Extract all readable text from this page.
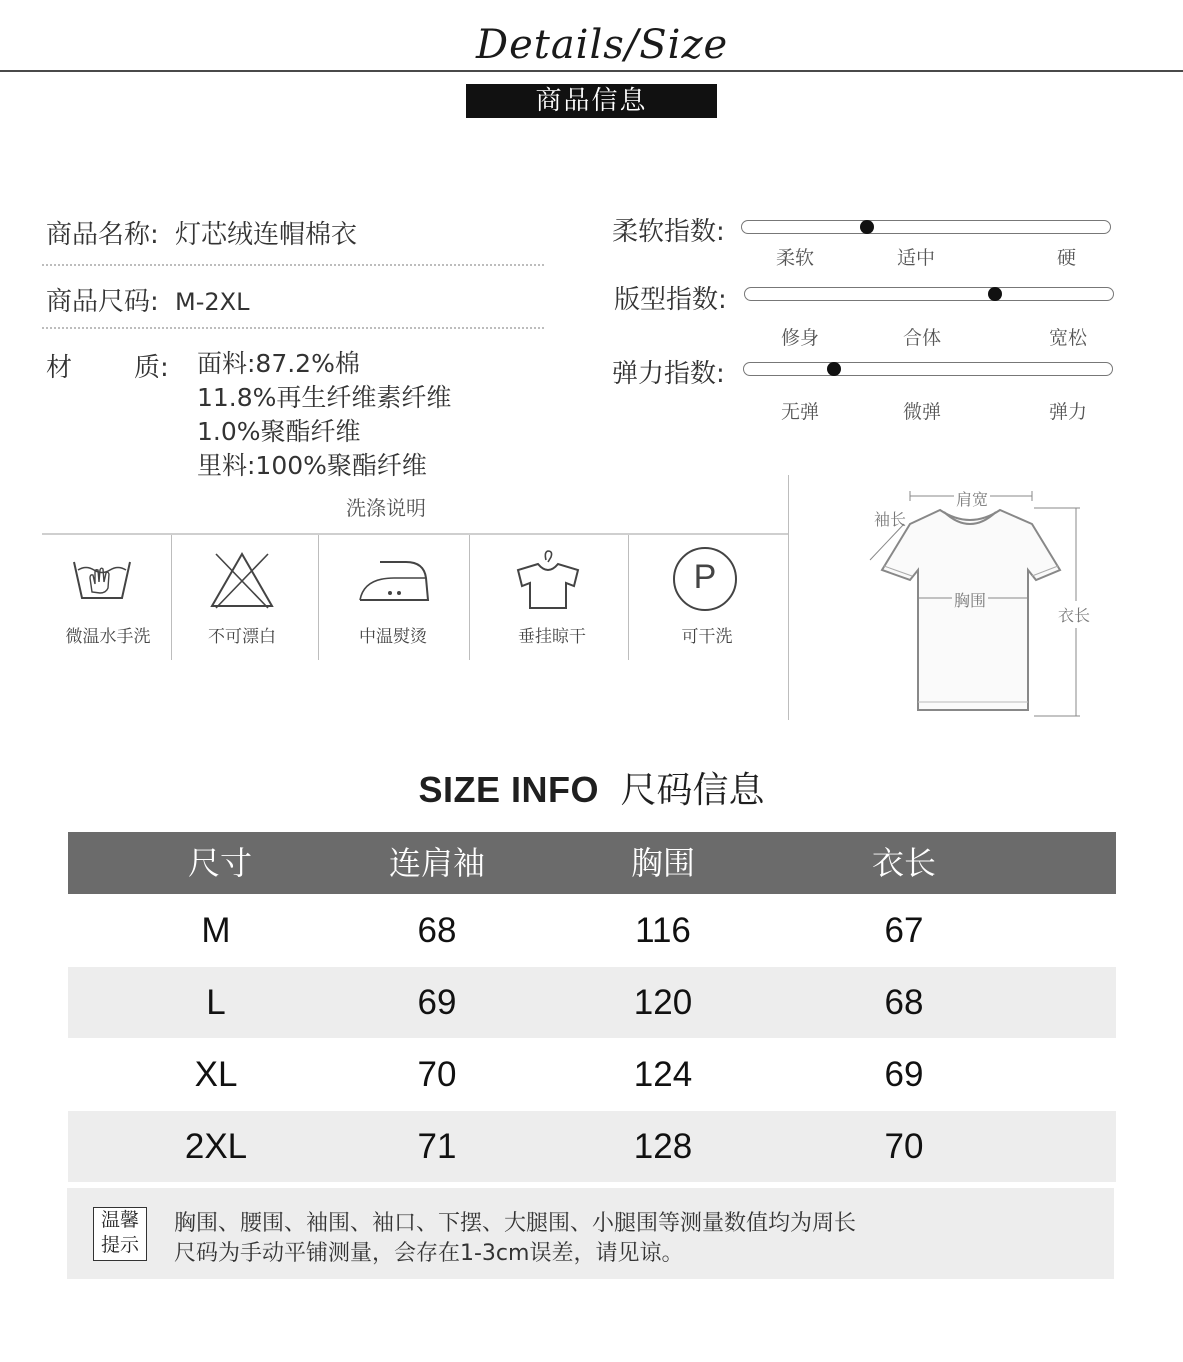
Details/Size
商品信息
商品名称: 灯芯绒连帽棉衣
商品尺码: M-2XL
材 质: 面料:87.2%棉
11.8%再生纤维素纤维
1.0%聚酯纤维
里料:100%聚酯纤维
洗涤说明
柔软指数:
柔软	适中	硬
版型指数:
修身	合体	宽松
弹力指数:
无弹	微弹	弹力
微温水手洗	不可漂白	中温熨烫	垂挂晾干
P
可干洗
肩宽
袖长
胸围
衣长
SIZE INFO 尺码信息
尺寸	连肩袖	胸围	衣长
M	68	116	67
L	69	120	68
XL	70	124	69
2XL	71	128	70
温馨
提示
胸围、腰围、袖围、袖口、下摆、大腿围、小腿围等测量数值均为周长
尺码为手动平铺测量，会存在1-3cm误差，请见谅。
